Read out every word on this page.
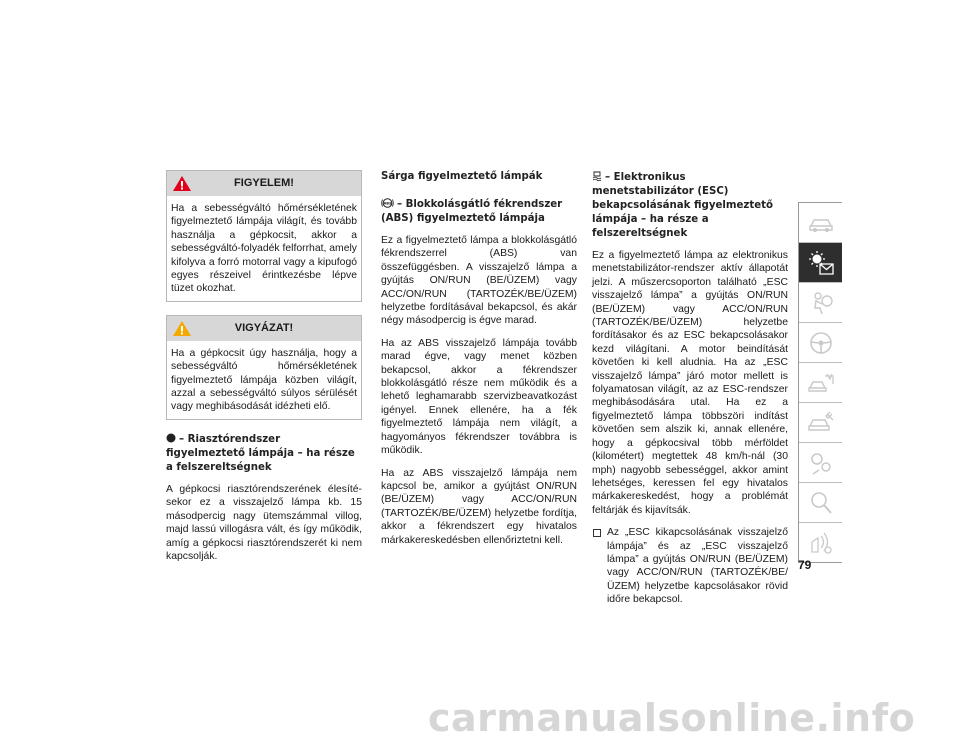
FIGYELEM!

Ha a sebességváltó hőmérsékletének figyelmeztető lámpája világít, és tovább használja a gépkocsit, akkor a sebességváltó-folyadék felforrhat, amely kifolyva a forró motorral vagy a kipufogó egyes részeivel érintkezésbe lépve tüzet okozhat.

VIGYÁZAT!

Ha a gépkocsit úgy használja, hogy a sebességváltó hőmérsékletének figyelmeztető lámpája közben világít, azzal a sebességváltó súlyos sérülését vagy meghibásodását idézheti elő.

– Riasztórendszer figyelmeztető lámpája – ha része a felszereltségnek

A gépkocsi riasztórendszerének élesítésekor ez a visszajelző lámpa kb. 15 másodpercig nagy ütemszámmal villog, majd lassú villogásra vált, és így működik, amíg a gépkocsi riasztórendszerét ki nem kapcsolják.

Sárga figyelmeztető lámpák
ABS – Blokkolásgátló fékrendszer (ABS) figyelmeztető lámpája

Ez a figyelmeztető lámpa a blokkolásgátló fékrendszerrel (ABS) van összefüggésben. A visszajelző lámpa a gyújtás ON/RUN (BE/ÜZEM) vagy ACC/ON/RUN (TARTOZÉK/BE/ÜZEM) helyzetbe fordításával bekapcsol, és akár négy másodpercig is égve marad.

Ha az ABS visszajelző lámpája tovább marad égve, vagy menet közben bekapcsol, akkor a fékrendszer blokkolásgátló része nem működik és a lehető leghamarabb szervizbeavatkozást igényel. Ennek ellenére, ha a fék figyelmeztető lámpája nem világít, a hagyományos fékrendszer továbbra is működik.

Ha az ABS visszajelző lámpája nem kapcsol be, amikor a gyújtást ON/RUN (BE/ÜZEM) vagy ACC/ON/RUN (TARTOZÉK/BE/ÜZEM) helyzetbe fordítja, akkor a fékrendszert egy hivatalos márkakereskedésben ellenőriztetni kell.

– Elektronikus menetstabilizátor (ESC) bekapcsolásának figyelmeztető lámpája – ha része a felszereltségnek

Ez a figyelmeztető lámpa az elektronikus menetstabilizátor-rendszer aktív állapotát jelzi. A műszercsoporton található „ESC visszajelző lámpa” a gyújtás ON/RUN (BE/ÜZEM) vagy ACC/ON/RUN (TARTOZÉK/BE/ÜZEM) helyzetbe fordításakor és az ESC bekapcsolásakor kezd világítani. A motor beindítását követően ki kell aludnia. Ha az „ESC visszajelző lámpa” járó motor mellett is folyamatosan világít, az az ESC-rendszer meghibásodására utal. Ha ez a figyelmeztető lámpa többszöri indítást követően sem alszik ki, annak ellenére, hogy a gépkocsival több mérföldet (kilométert) megtettek 48 km/h-nál (30 mph) nagyobb sebességgel, akkor amint lehetséges, keressen fel egy hivatalos márkakereskedést, hogy a problémát feltárják és kijavítsák.

Az „ESC kikapcsolásának visszajelző lámpája” és az „ESC visszajelző lámpa” a gyújtás ON/RUN (BE/ÜZEM) vagy ACC/ON/RUN (TARTOZÉK/BE/ÜZEM) helyzetbe kapcsolásakor rövid időre bekapcsol.

79
carmanualsonline.info
